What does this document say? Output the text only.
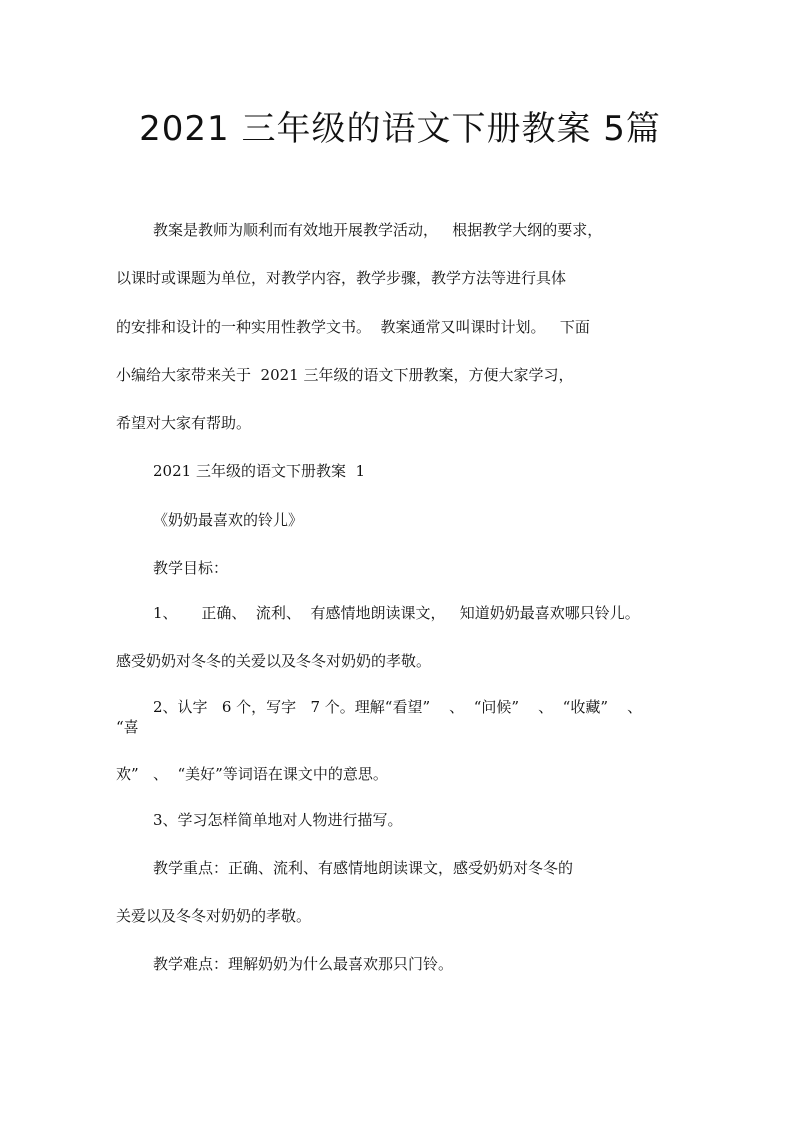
2021 三年级的语文下册教案 5篇
教案是教师为顺利而有效地开展教学活动，   根据教学大纲的要求，
以课时或课题为单位，对教学内容，教学步骤，教学方法等进行具体
的安排和设计的一种实用性教学文书。  教案通常又叫课时计划。   下面
小编给大家带来关于  2021 三年级的语文下册教案，方便大家学习，
希望对大家有帮助。
2021 三年级的语文下册教案  1
《奶奶最喜欢的铃儿》
教学目标：
1、     正确、  流利、  有感情地朗读课文，   知道奶奶最喜欢哪只铃儿。
感受奶奶对冬冬的关爱以及冬冬对奶奶的孝敬。
2、认字   6 个，写字   7 个。理解“看望”    、  “问候”    、  “收藏”    、
“喜
欢”   、  “美好”等词语在课文中的意思。
3、学习怎样简单地对人物进行描写。
教学重点：正确、流利、有感情地朗读课文，感受奶奶对冬冬的
关爱以及冬冬对奶奶的孝敬。
教学难点：理解奶奶为什么最喜欢那只门铃。
